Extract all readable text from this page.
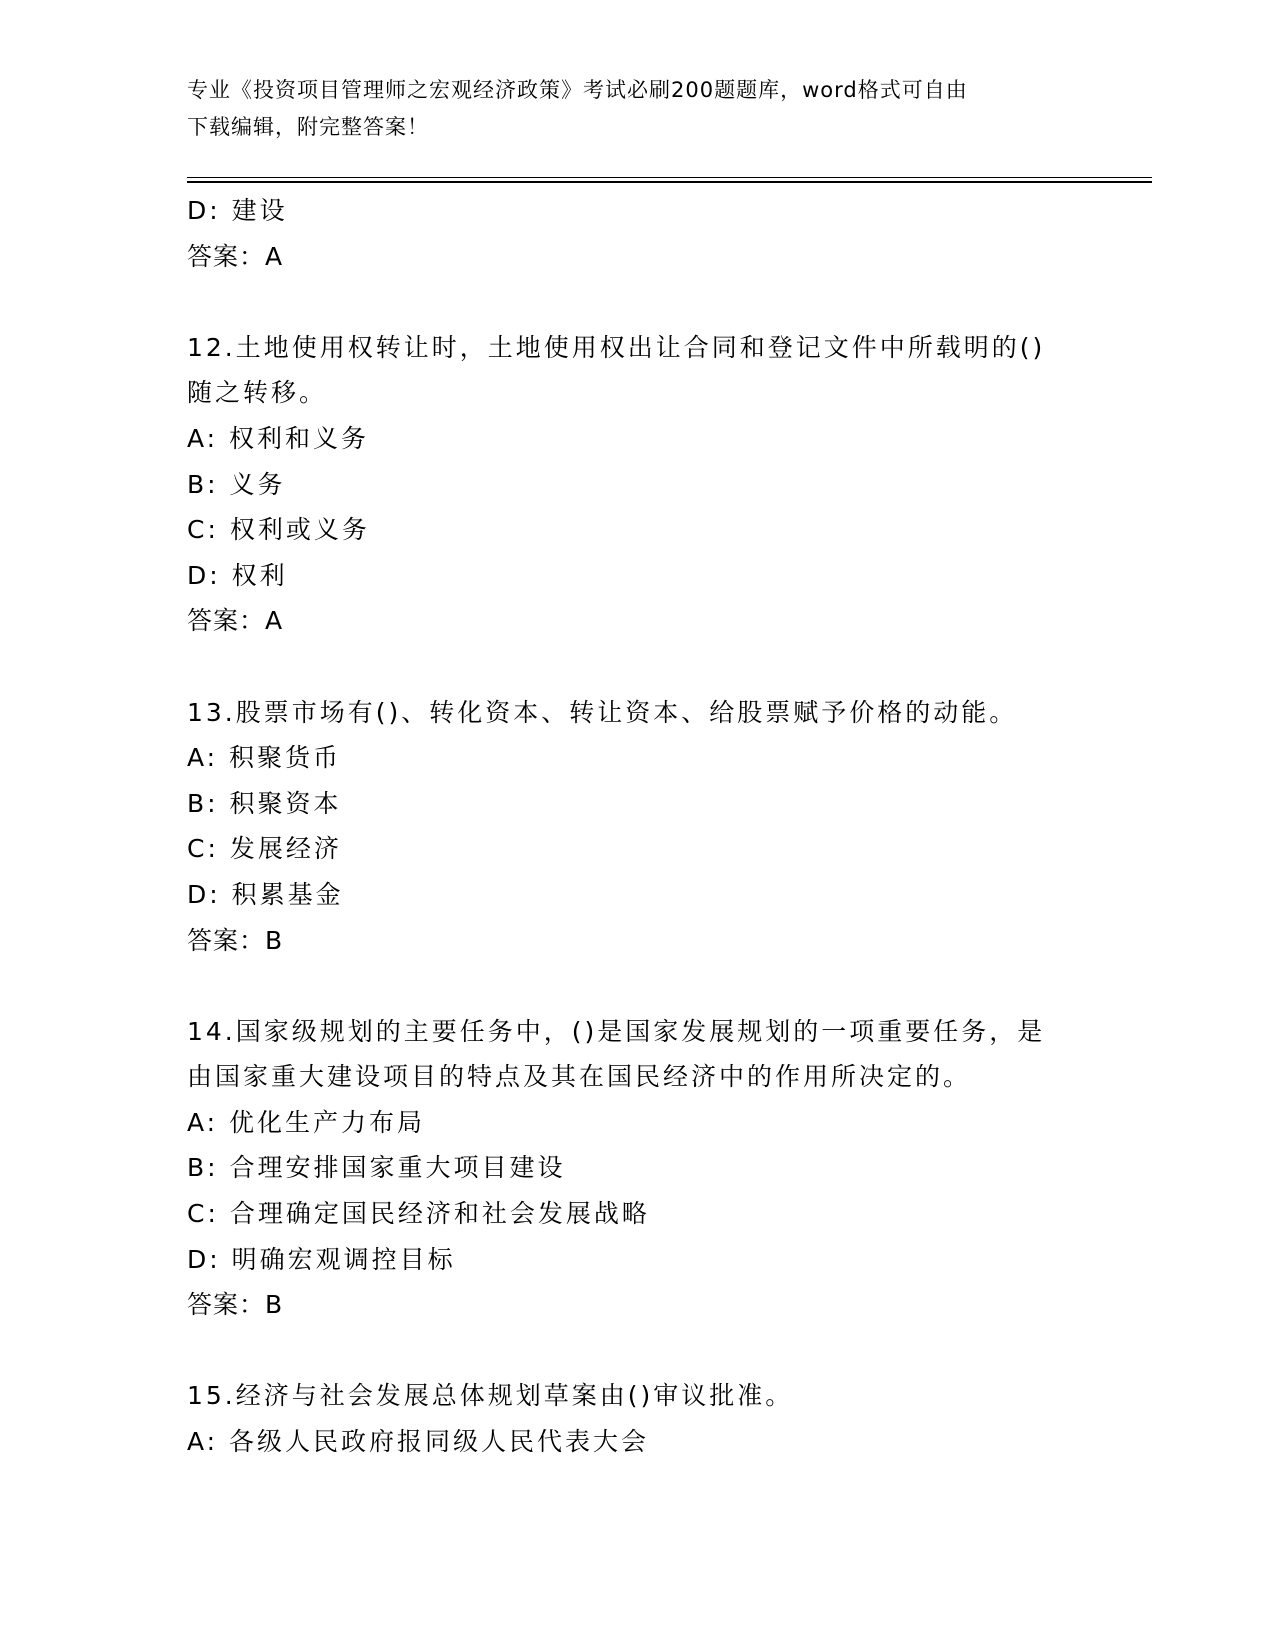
专业《投资项目管理师之宏观经济政策》考试必刷200题题库，word格式可自由
下载编辑，附完整答案！
D: 建设
答案：A
12.土地使用权转让时，土地使用权出让合同和登记文件中所载明的()
随之转移。
A: 权利和义务
B: 义务
C: 权利或义务
D: 权利
答案：A
13.股票市场有()、转化资本、转让资本、给股票赋予价格的动能。
A: 积聚货币
B: 积聚资本
C: 发展经济
D: 积累基金
答案：B
14.国家级规划的主要任务中，()是国家发展规划的一项重要任务，是
由国家重大建设项目的特点及其在国民经济中的作用所决定的。
A: 优化生产力布局
B: 合理安排国家重大项目建设
C: 合理确定国民经济和社会发展战略
D: 明确宏观调控目标
答案：B
15.经济与社会发展总体规划草案由()审议批准。
A: 各级人民政府报同级人民代表大会
